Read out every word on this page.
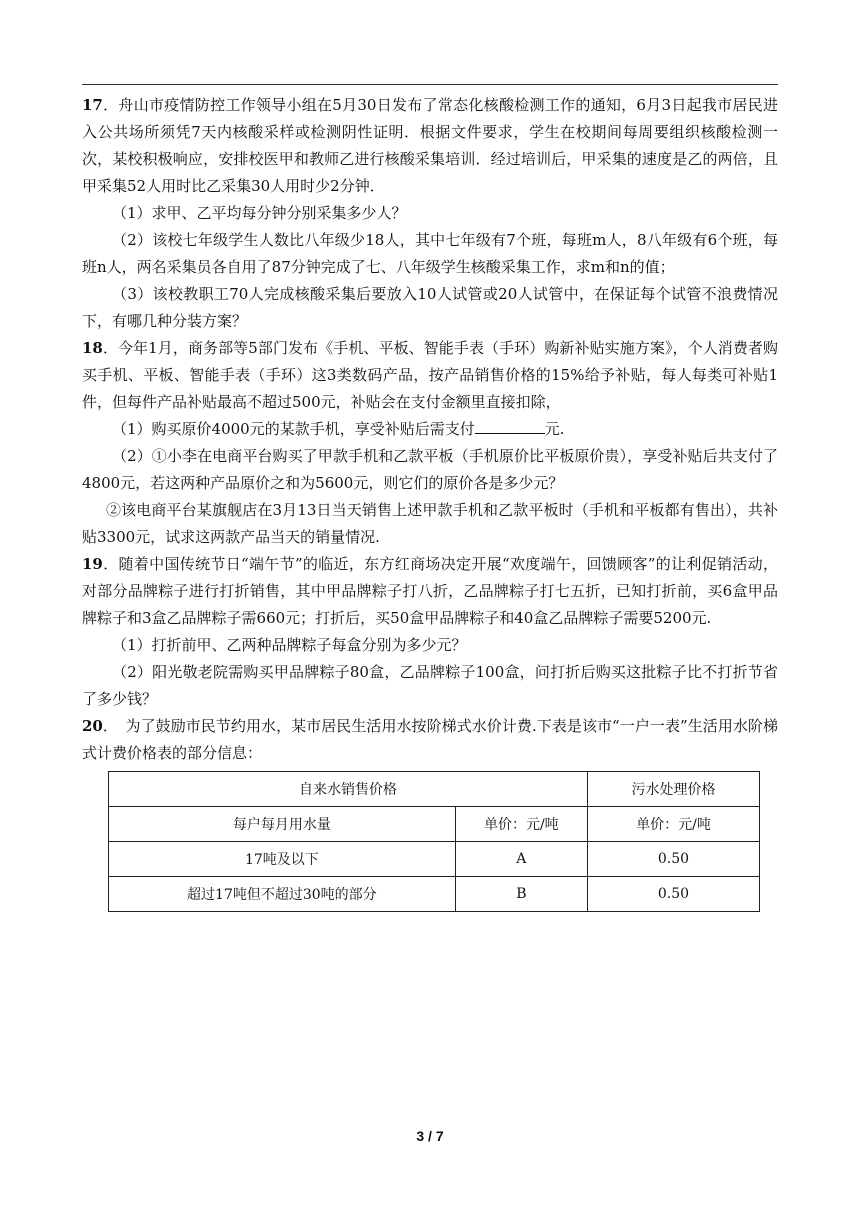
17．舟山市疫情防控工作领导小组在5月30日发布了常态化核酸检测工作的通知，6月3日起我市居民进入公共场所须凭7天内核酸采样或检测阴性证明．根据文件要求，学生在校期间每周要组织核酸检测一次，某校积极响应，安排校医甲和教师乙进行核酸采集培训．经过培训后，甲采集的速度是乙的两倍，且甲采集52人用时比乙采集30人用时少2分钟．

（1）求甲、乙平均每分钟分别采集多少人？

（2）该校七年级学生人数比八年级少18人，其中七年级有7个班，每班m人，8八年级有6个班，每班n人，两名采集员各自用了87分钟完成了七、八年级学生核酸采集工作，求m和n的值；

（3）该校教职工70人完成核酸采集后要放入10人试管或20人试管中，在保证每个试管不浪费情况下，有哪几种分装方案？

18．今年1月，商务部等5部门发布《手机、平板、智能手表（手环）购新补贴实施方案》，个人消费者购买手机、平板、智能手表（手环）这3类数码产品，按产品销售价格的15%给予补贴，每人每类可补贴1件，但每件产品补贴最高不超过500元，补贴会在支付金额里直接扣除，

（1）购买原价4000元的某款手机，享受补贴后需支付	元.

（2）①小李在电商平台购买了甲款手机和乙款平板（手机原价比平板原价贵），享受补贴后共支付了4800元，若这两种产品原价之和为5600元，则它们的原价各是多少元？

②该电商平台某旗舰店在3月13日当天销售上述甲款手机和乙款平板时（手机和平板都有售出），共补贴3300元，试求这两款产品当天的销量情况.

19．随着中国传统节日“端午节”的临近，东方红商场决定开展“欢度端午，回馈顾客”的让利促销活动，对部分品牌粽子进行打折销售，其中甲品牌粽子打八折，乙品牌粽子打七五折，已知打折前，买6盒甲品牌粽子和3盒乙品牌粽子需660元；打折后，买50盒甲品牌粽子和40盒乙品牌粽子需要5200元.

（1）打折前甲、乙两种品牌粽子每盒分别为多少元？

（2）阳光敬老院需购买甲品牌粽子80盒，乙品牌粽子100盒，问打折后购买这批粽子比不打折节省了多少钱？

20．　为了鼓励市民节约用水，某市居民生活用水按阶梯式水价计费.下表是该市“一户一表”生活用水阶梯式计费价格表的部分信息：

自来水销售价格		污水处理价格
每户每月用水量	单价：元/吨	单价：元/吨
17吨及以下	A	0.50
超过17吨但不超过30吨的部分	B	0.50
3 / 7
